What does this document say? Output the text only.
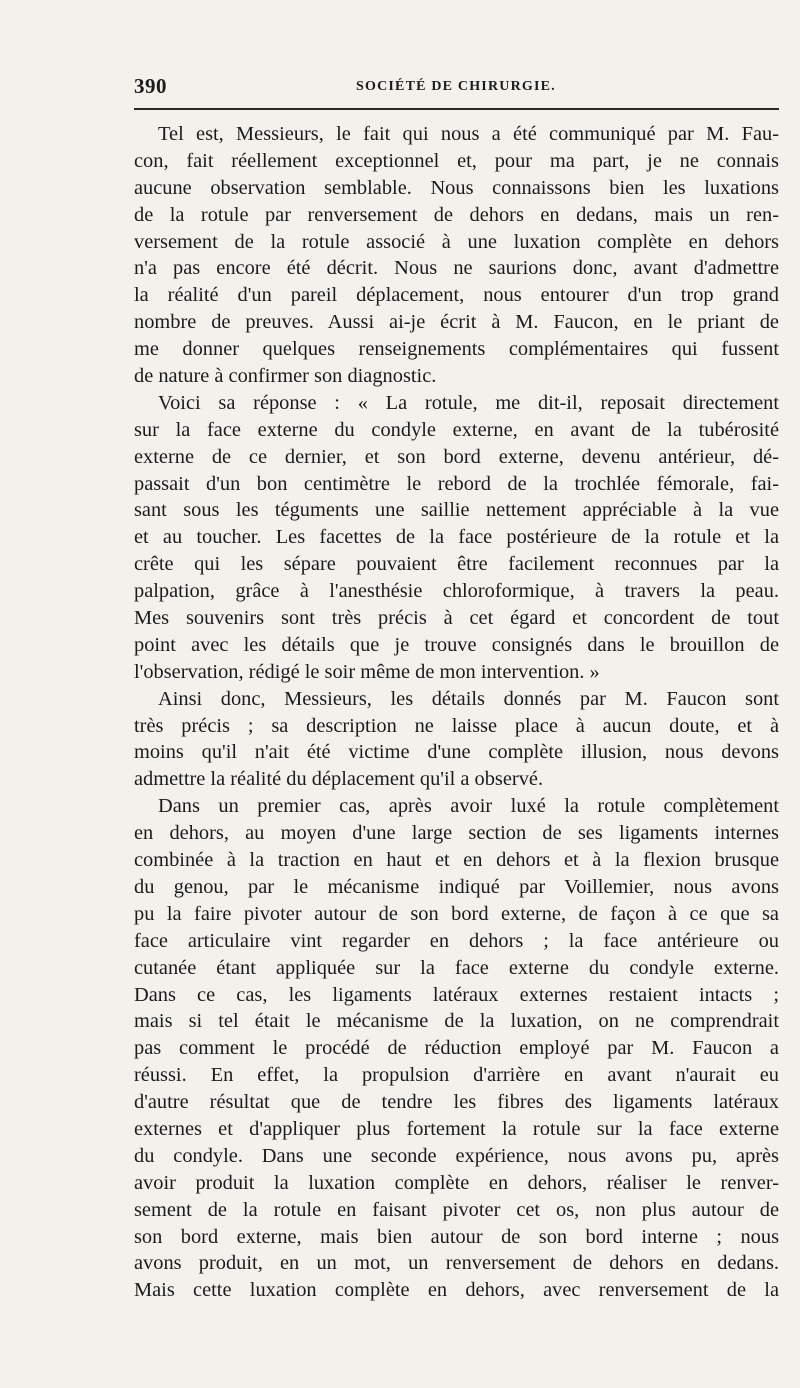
390	SOCIÉTÉ DE CHIRURGIE.
Tel est, Messieurs, le fait qui nous a été communiqué par M. Fau-
con, fait réellement exceptionnel et, pour ma part, je ne connais
aucune observation semblable. Nous connaissons bien les luxations
de la rotule par renversement de dehors en dedans, mais un ren-
versement de la rotule associé à une luxation complète en dehors
n'a pas encore été décrit. Nous ne saurions donc, avant d'admettre
la réalité d'un pareil déplacement, nous entourer d'un trop grand
nombre de preuves. Aussi ai-je écrit à M. Faucon, en le priant de
me donner quelques renseignements complémentaires qui fussent
de nature à confirmer son diagnostic.
Voici sa réponse : « La rotule, me dit-il, reposait directement
sur la face externe du condyle externe, en avant de la tubérosité
externe de ce dernier, et son bord externe, devenu antérieur, dé-
passait d'un bon centimètre le rebord de la trochlée fémorale, fai-
sant sous les téguments une saillie nettement appréciable à la vue
et au toucher. Les facettes de la face postérieure de la rotule et la
crête qui les sépare pouvaient être facilement reconnues par la
palpation, grâce à l'anesthésie chloroformique, à travers la peau.
Mes souvenirs sont très précis à cet égard et concordent de tout
point avec les détails que je trouve consignés dans le brouillon de
l'observation, rédigé le soir même de mon intervention. »
Ainsi donc, Messieurs, les détails donnés par M. Faucon sont
très précis ; sa description ne laisse place à aucun doute, et à
moins qu'il n'ait été victime d'une complète illusion, nous devons
admettre la réalité du déplacement qu'il a observé.
Dans un premier cas, après avoir luxé la rotule complètement
en dehors, au moyen d'une large section de ses ligaments internes
combinée à la traction en haut et en dehors et à la flexion brusque
du genou, par le mécanisme indiqué par Voillemier, nous avons
pu la faire pivoter autour de son bord externe, de façon à ce que sa
face articulaire vint regarder en dehors ; la face antérieure ou
cutanée étant appliquée sur la face externe du condyle externe.
Dans ce cas, les ligaments latéraux externes restaient intacts ;
mais si tel était le mécanisme de la luxation, on ne comprendrait
pas comment le procédé de réduction employé par M. Faucon a
réussi. En effet, la propulsion d'arrière en avant n'aurait eu
d'autre résultat que de tendre les fibres des ligaments latéraux
externes et d'appliquer plus fortement la rotule sur la face externe
du condyle. Dans une seconde expérience, nous avons pu, après
avoir produit la luxation complète en dehors, réaliser le renver-
sement de la rotule en faisant pivoter cet os, non plus autour de
son bord externe, mais bien autour de son bord interne ; nous
avons produit, en un mot, un renversement de dehors en dedans.
Mais cette luxation complète en dehors, avec renversement de la
